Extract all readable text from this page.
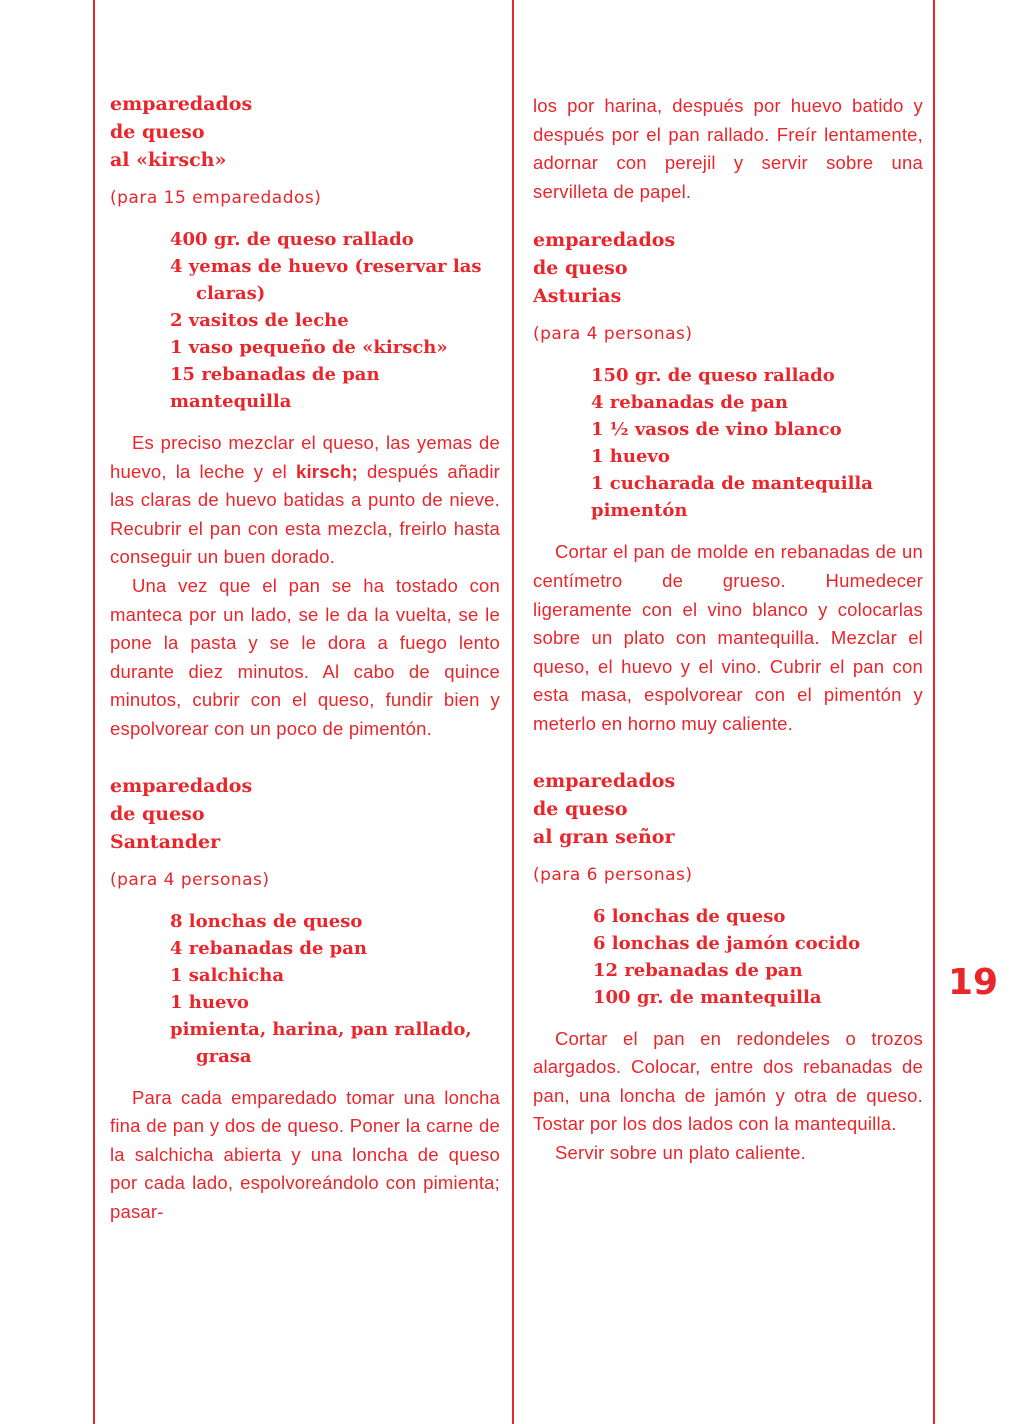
emparedados
de queso
al «kirsch»

(para 15 emparedados)

400 gr. de queso rallado
4 yemas de huevo (reservar las claras)
2 vasitos de leche
1 vaso pequeño de «kirsch»
15 rebanadas de pan
mantequilla

Es preciso mezclar el queso, las yemas de huevo, la leche y el kirsch; después añadir las claras de huevo batidas a punto de nieve. Recubrir el pan con esta mezcla, freirlo hasta conseguir un buen dorado.

Una vez que el pan se ha tostado con manteca por un lado, se le da la vuelta, se le pone la pasta y se le dora a fuego lento durante diez minutos. Al cabo de quince minutos, cubrir con el queso, fundir bien y espolvorear con un poco de pimentón.

emparedados
de queso
Santander

(para 4 personas)

8 lonchas de queso
4 rebanadas de pan
1 salchicha
1 huevo
pimienta, harina, pan rallado, grasa

Para cada emparedado tomar una loncha fina de pan y dos de queso. Poner la carne de la salchicha abierta y una loncha de queso por cada lado, espolvoreándolo con pimienta; pasar-

los por harina, después por huevo batido y después por el pan rallado. Freír lentamente, adornar con perejil y servir sobre una servilleta de papel.

emparedados
de queso
Asturias

(para 4 personas)

150 gr. de queso rallado
4 rebanadas de pan
1 ½ vasos de vino blanco
1 huevo
1 cucharada de mantequilla
pimentón

Cortar el pan de molde en rebanadas de un centímetro de grueso. Humedecer ligeramente con el vino blanco y colocarlas sobre un plato con mantequilla. Mezclar el queso, el huevo y el vino. Cubrir el pan con esta masa, espolvorear con el pimentón y meterlo en horno muy caliente.

emparedados
de queso
al gran señor

(para 6 personas)

6 lonchas de queso
6 lonchas de jamón cocido
12 rebanadas de pan
100 gr. de mantequilla

Cortar el pan en redondeles o trozos alargados. Colocar, entre dos rebanadas de pan, una loncha de jamón y otra de queso. Tostar por los dos lados con la mantequilla.

Servir sobre un plato caliente.

19
